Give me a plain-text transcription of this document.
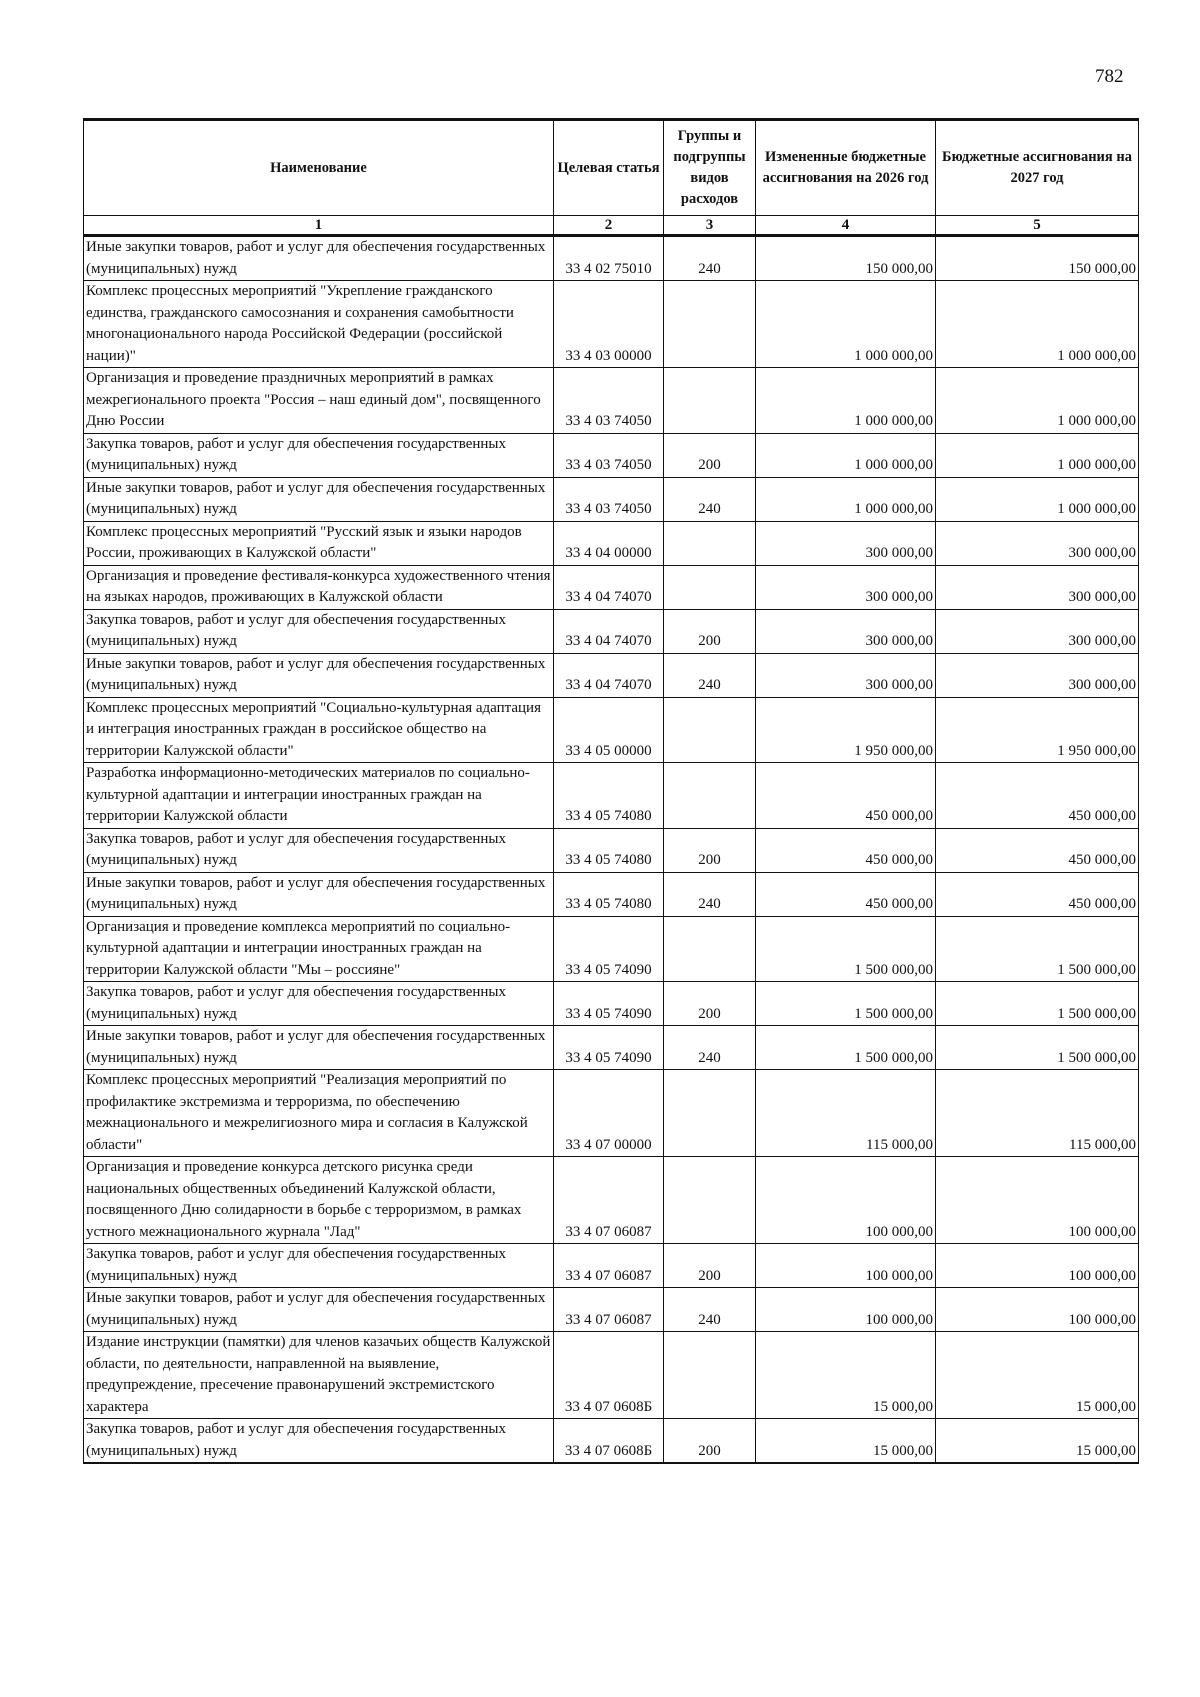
782
Наименование	Целевая статья	Группы и подгруппы видов расходов	Измененные бюджетные ассигнования на 2026 год	Бюджетные ассигнования на 2027 год
1	2	3	4	5
Иные закупки товаров, работ и услуг для обеспечения государственных (муниципальных) нужд	33 4 02 75010	240	150 000,00	150 000,00
Комплекс процессных мероприятий "Укрепление гражданского единства, гражданского самосознания и сохранения самобытности многонационального народа Российской Федерации (российской нации)"	33 4 03 00000		1 000 000,00	1 000 000,00
Организация и проведение праздничных мероприятий в рамках межрегионального проекта "Россия – наш единый дом", посвященного Дню России	33 4 03 74050		1 000 000,00	1 000 000,00
Закупка товаров, работ и услуг для обеспечения государственных (муниципальных) нужд	33 4 03 74050	200	1 000 000,00	1 000 000,00
Иные закупки товаров, работ и услуг для обеспечения государственных (муниципальных) нужд	33 4 03 74050	240	1 000 000,00	1 000 000,00
Комплекс процессных мероприятий "Русский язык и языки народов России, проживающих в Калужской области"	33 4 04 00000		300 000,00	300 000,00
Организация и проведение фестиваля-конкурса художественного чтения на языках народов, проживающих в Калужской области	33 4 04 74070		300 000,00	300 000,00
Закупка товаров, работ и услуг для обеспечения государственных (муниципальных) нужд	33 4 04 74070	200	300 000,00	300 000,00
Иные закупки товаров, работ и услуг для обеспечения государственных (муниципальных) нужд	33 4 04 74070	240	300 000,00	300 000,00
Комплекс процессных мероприятий "Социально-культурная адаптация и интеграция иностранных граждан в российское общество на территории Калужской области"	33 4 05 00000		1 950 000,00	1 950 000,00
Разработка информационно-методических материалов по социально-культурной адаптации и интеграции иностранных граждан на территории Калужской области	33 4 05 74080		450 000,00	450 000,00
Закупка товаров, работ и услуг для обеспечения государственных (муниципальных) нужд	33 4 05 74080	200	450 000,00	450 000,00
Иные закупки товаров, работ и услуг для обеспечения государственных (муниципальных) нужд	33 4 05 74080	240	450 000,00	450 000,00
Организация и проведение комплекса мероприятий по социально-культурной адаптации и интеграции иностранных граждан на территории Калужской области "Мы – россияне"	33 4 05 74090		1 500 000,00	1 500 000,00
Закупка товаров, работ и услуг для обеспечения государственных (муниципальных) нужд	33 4 05 74090	200	1 500 000,00	1 500 000,00
Иные закупки товаров, работ и услуг для обеспечения государственных (муниципальных) нужд	33 4 05 74090	240	1 500 000,00	1 500 000,00
Комплекс процессных мероприятий "Реализация мероприятий по профилактике экстремизма и терроризма, по обеспечению межнационального и межрелигиозного мира и согласия в Калужской области"	33 4 07 00000		115 000,00	115 000,00
Организация и проведение конкурса детского рисунка среди национальных общественных объединений Калужской области, посвященного Дню солидарности в борьбе с терроризмом, в рамках устного межнационального журнала "Лад"	33 4 07 06087		100 000,00	100 000,00
Закупка товаров, работ и услуг для обеспечения государственных (муниципальных) нужд	33 4 07 06087	200	100 000,00	100 000,00
Иные закупки товаров, работ и услуг для обеспечения государственных (муниципальных) нужд	33 4 07 06087	240	100 000,00	100 000,00
Издание инструкции (памятки) для членов казачьих обществ Калужской области, по деятельности, направленной на выявление, предупреждение, пресечение правонарушений экстремистского характера	33 4 07 0608Б		15 000,00	15 000,00
Закупка товаров, работ и услуг для обеспечения государственных (муниципальных) нужд	33 4 07 0608Б	200	15 000,00	15 000,00
